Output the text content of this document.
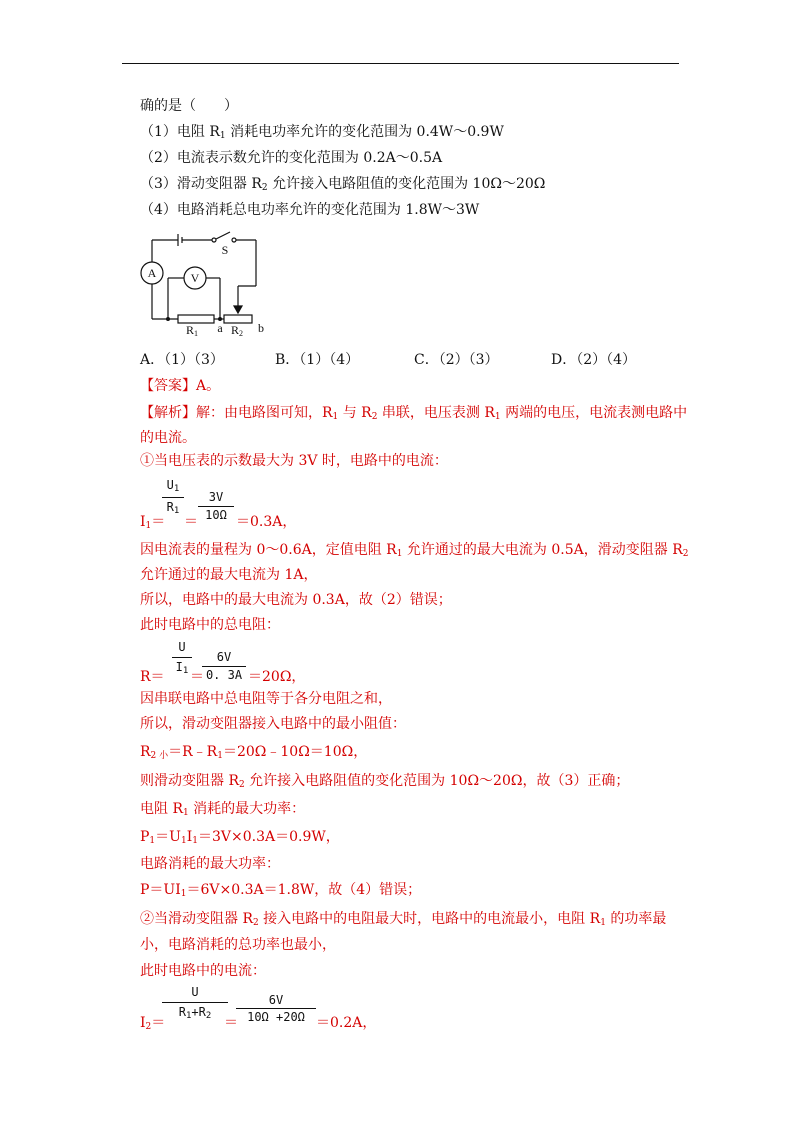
确的是（　　）
（1）电阻 $R_1$ 消耗电功率允许的变化范围为 0.4W～0.9W
（2）电流表示数允许的变化范围为 0.2A～0.5A
（3）滑动变阻器 $R_2$ 允许接入电路阻值的变化范围为 10Ω～20Ω
（4）电路消耗总电功率允许的变化范围为 1.8W～3W
A	V
S
R1 a R2 b
A．（1）（3）	B．（1）（4）	C．（2）（3）	D．（2）（4）
【答案】A。
【解析】解：由电路图可知，$R_1$ 与 $R_2$ 串联，电压表测 $R_1$ 两端的电压，电流表测电路中
的电流。
①当电压表的示数最大为 3V 时，电路中的电流：
$U_1$
$R_1$
3V
10Ω
$I_1=$ ＝	＝0.3A，
因电流表的量程为 0～0.6A，定值电阻 $R_1$ 允许通过的最大电流为 0.5A，滑动变阻器 $R_2$
允许通过的最大电流为 1A，
所以，电路中的最大电流为 0.3A，故（2）错误；
此时电路中的总电阻：
U
$I_1$
6V
0. 3A
R＝ ＝	＝20Ω，
因串联电路中总电阻等于各分电阻之和，
所以，滑动变阻器接入电路中的最小阻值：
$R_{2 小}=R﹣R_1=20\Omega﹣10\Omega=10\Omega$，
则滑动变阻器 $R_2$ 允许接入电路阻值的变化范围为 10Ω～20Ω，故（3）正确；
电阻 $R_1$ 消耗的最大功率：
$P_1=U_1I_1=3V\times 0.3A=0.9W$，
电路消耗的最大功率：
$P=UI_1=6V\times 0.3A=1.8W$，故（4）错误；
②当滑动变阻器 $R_2$ 接入电路中的电阻最大时，电路中的电流最小，电阻 $R_1$ 的功率最
小，电路消耗的总功率也最小，
此时电路中的电流：
U
$R_1+R_2$
6V
10Ω +20Ω
$I_2=$	＝	＝0.2A，
